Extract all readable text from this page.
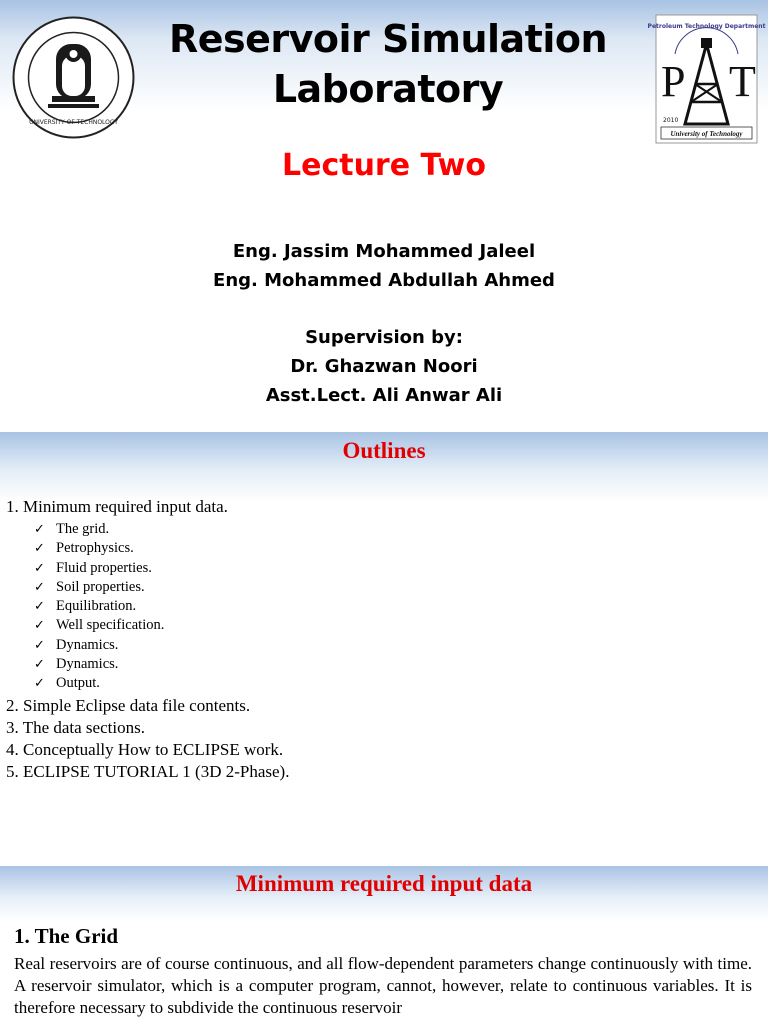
UNIVERSITY OF TECHNOLOGY
Reservoir Simulation
Laboratory
Petroleum Technology Department
P T
2010
University of Technology
Lecture Two
Eng. Jassim Mohammed Jaleel
Eng. Mohammed Abdullah Ahmed
Supervision by:
Dr. Ghazwan Noori
Asst.Lect. Ali Anwar Ali
Outlines
1. Minimum required input data.
✓ The grid.
✓ Petrophysics.
✓ Fluid properties.
✓ Soil properties.
✓ Equilibration.
✓ Well specification.
✓ Dynamics.
✓ Dynamics.
✓ Output.
2. Simple Eclipse data file contents.
3. The data sections.
4. Conceptually How to ECLIPSE work.
5. ECLIPSE TUTORIAL 1 (3D 2-Phase).
Minimum required input data
1. The Grid
Real reservoirs are of course continuous, and all flow-dependent parameters change continuously with time. A reservoir simulator, which is a computer program, cannot, however, relate to continuous variables. It is therefore necessary to subdivide the continuous reservoir
